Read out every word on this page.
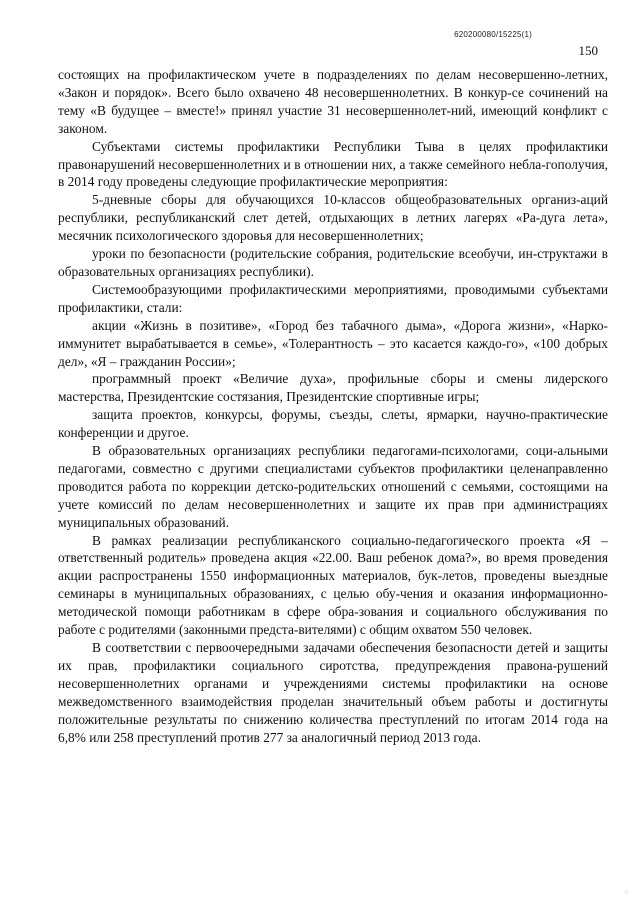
620200080/15225(1)
150

состоящих на профилактическом учете в подразделениях по делам несовершенно-летних, «Закон и порядок». Всего было охвачено 48 несовершеннолетних. В конкур-се сочинений на тему «В будущее – вместе!» принял участие 31 несовершеннолет-ний, имеющий конфликт с законом.

Субъектами системы профилактики Республики Тыва в целях профилактики правонарушений несовершеннолетних и в отношении них, а также семейного небла-гополучия, в 2014 году проведены следующие профилактические мероприятия:

5-дневные сборы для обучающихся 10-классов общеобразовательных организ-аций республики, республиканский слет детей, отдыхающих в летних лагерях «Ра-дуга лета», месячник психологического здоровья для несовершеннолетних;

уроки по безопасности (родительские собрания, родительские всеобучи, ин-структажи в образовательных организациях республики).

Системообразующими профилактическими мероприятиями, проводимыми субъектами профилактики, стали:

акции «Жизнь в позитиве», «Город без табачного дыма», «Дорога жизни», «Нарко-иммунитет вырабатывается в семье», «Толерантность – это касается каждо-го», «100 добрых дел», «Я – гражданин России»;

программный проект «Величие духа», профильные сборы и смены лидерского мастерства, Президентские состязания, Президентские спортивные игры;

защита проектов, конкурсы, форумы, съезды, слеты, ярмарки, научно-практические конференции и другое.

В образовательных организациях республики педагогами-психологами, соци-альными педагогами, совместно с другими специалистами субъектов профилактики целенаправленно проводится работа по коррекции детско-родительских отношений с семьями, состоящими на учете комиссий по делам несовершеннолетних и защите их прав при администрациях муниципальных образований.

В рамках реализации республиканского социально-педагогического проекта «Я – ответственный родитель» проведена акция «22.00. Ваш ребенок дома?», во время проведения акции распространены 1550 информационных материалов, бук-летов, проведены выездные семинары в муниципальных образованиях, с целью обу-чения и оказания информационно-методической помощи работникам в сфере обра-зования и социального обслуживания по работе с родителями (законными предста-вителями) с общим охватом 550 человек.

В соответствии с первоочередными задачами обеспечения безопасности детей и защиты их прав, профилактики социального сиротства, предупреждения правона-рушений несовершеннолетних органами и учреждениями системы профилактики на основе межведомственного взаимодействия проделан значительный объем работы и достигнуты положительные результаты по снижению количества преступлений по итогам 2014 года на 6,8% или 258 преступлений против 277 за аналогичный период 2013 года.

⁘
